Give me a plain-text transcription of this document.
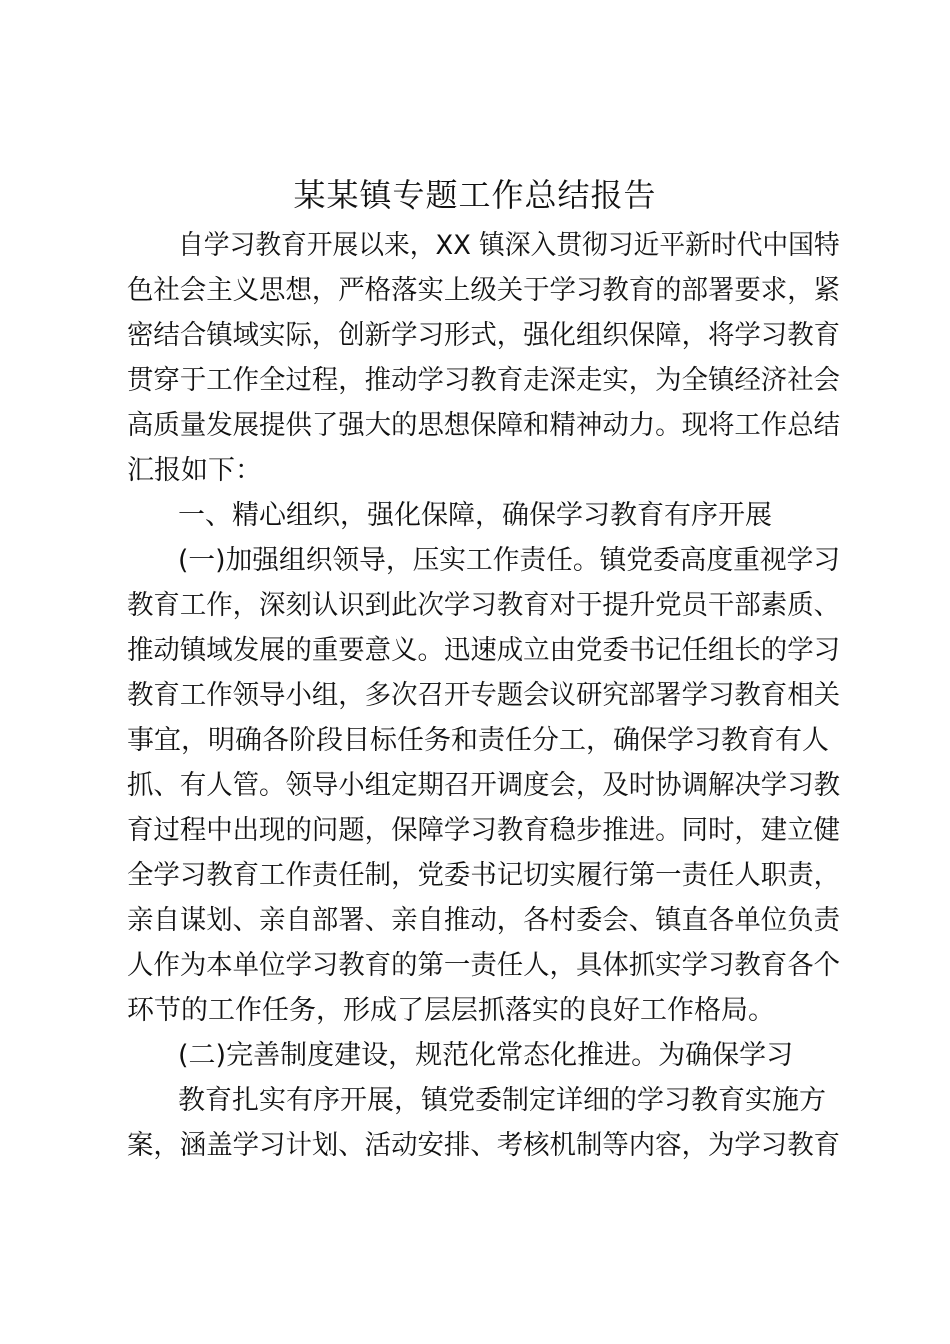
某某镇专题工作总结报告
自学习教育开展以来，XX 镇深入贯彻习近平新时代中国特
色社会主义思想，严格落实上级关于学习教育的部署要求，紧
密结合镇域实际，创新学习形式，强化组织保障，将学习教育
贯穿于工作全过程，推动学习教育走深走实，为全镇经济社会
高质量发展提供了强大的思想保障和精神动力。现将工作总结
汇报如下：
一、精心组织，强化保障，确保学习教育有序开展
(一)加强组织领导，压实工作责任。镇党委高度重视学习
教育工作，深刻认识到此次学习教育对于提升党员干部素质、
推动镇域发展的重要意义。迅速成立由党委书记任组长的学习
教育工作领导小组，多次召开专题会议研究部署学习教育相关
事宜，明确各阶段目标任务和责任分工，确保学习教育有人
抓、有人管。领导小组定期召开调度会，及时协调解决学习教
育过程中出现的问题，保障学习教育稳步推进。同时，建立健
全学习教育工作责任制，党委书记切实履行第一责任人职责，
亲自谋划、亲自部署、亲自推动，各村委会、镇直各单位负责
人作为本单位学习教育的第一责任人，具体抓实学习教育各个
环节的工作任务，形成了层层抓落实的良好工作格局。
(二)完善制度建设，规范化常态化推进。为确保学习
教育扎实有序开展，镇党委制定详细的学习教育实施方
案，涵盖学习计划、活动安排、考核机制等内容，为学习教育
